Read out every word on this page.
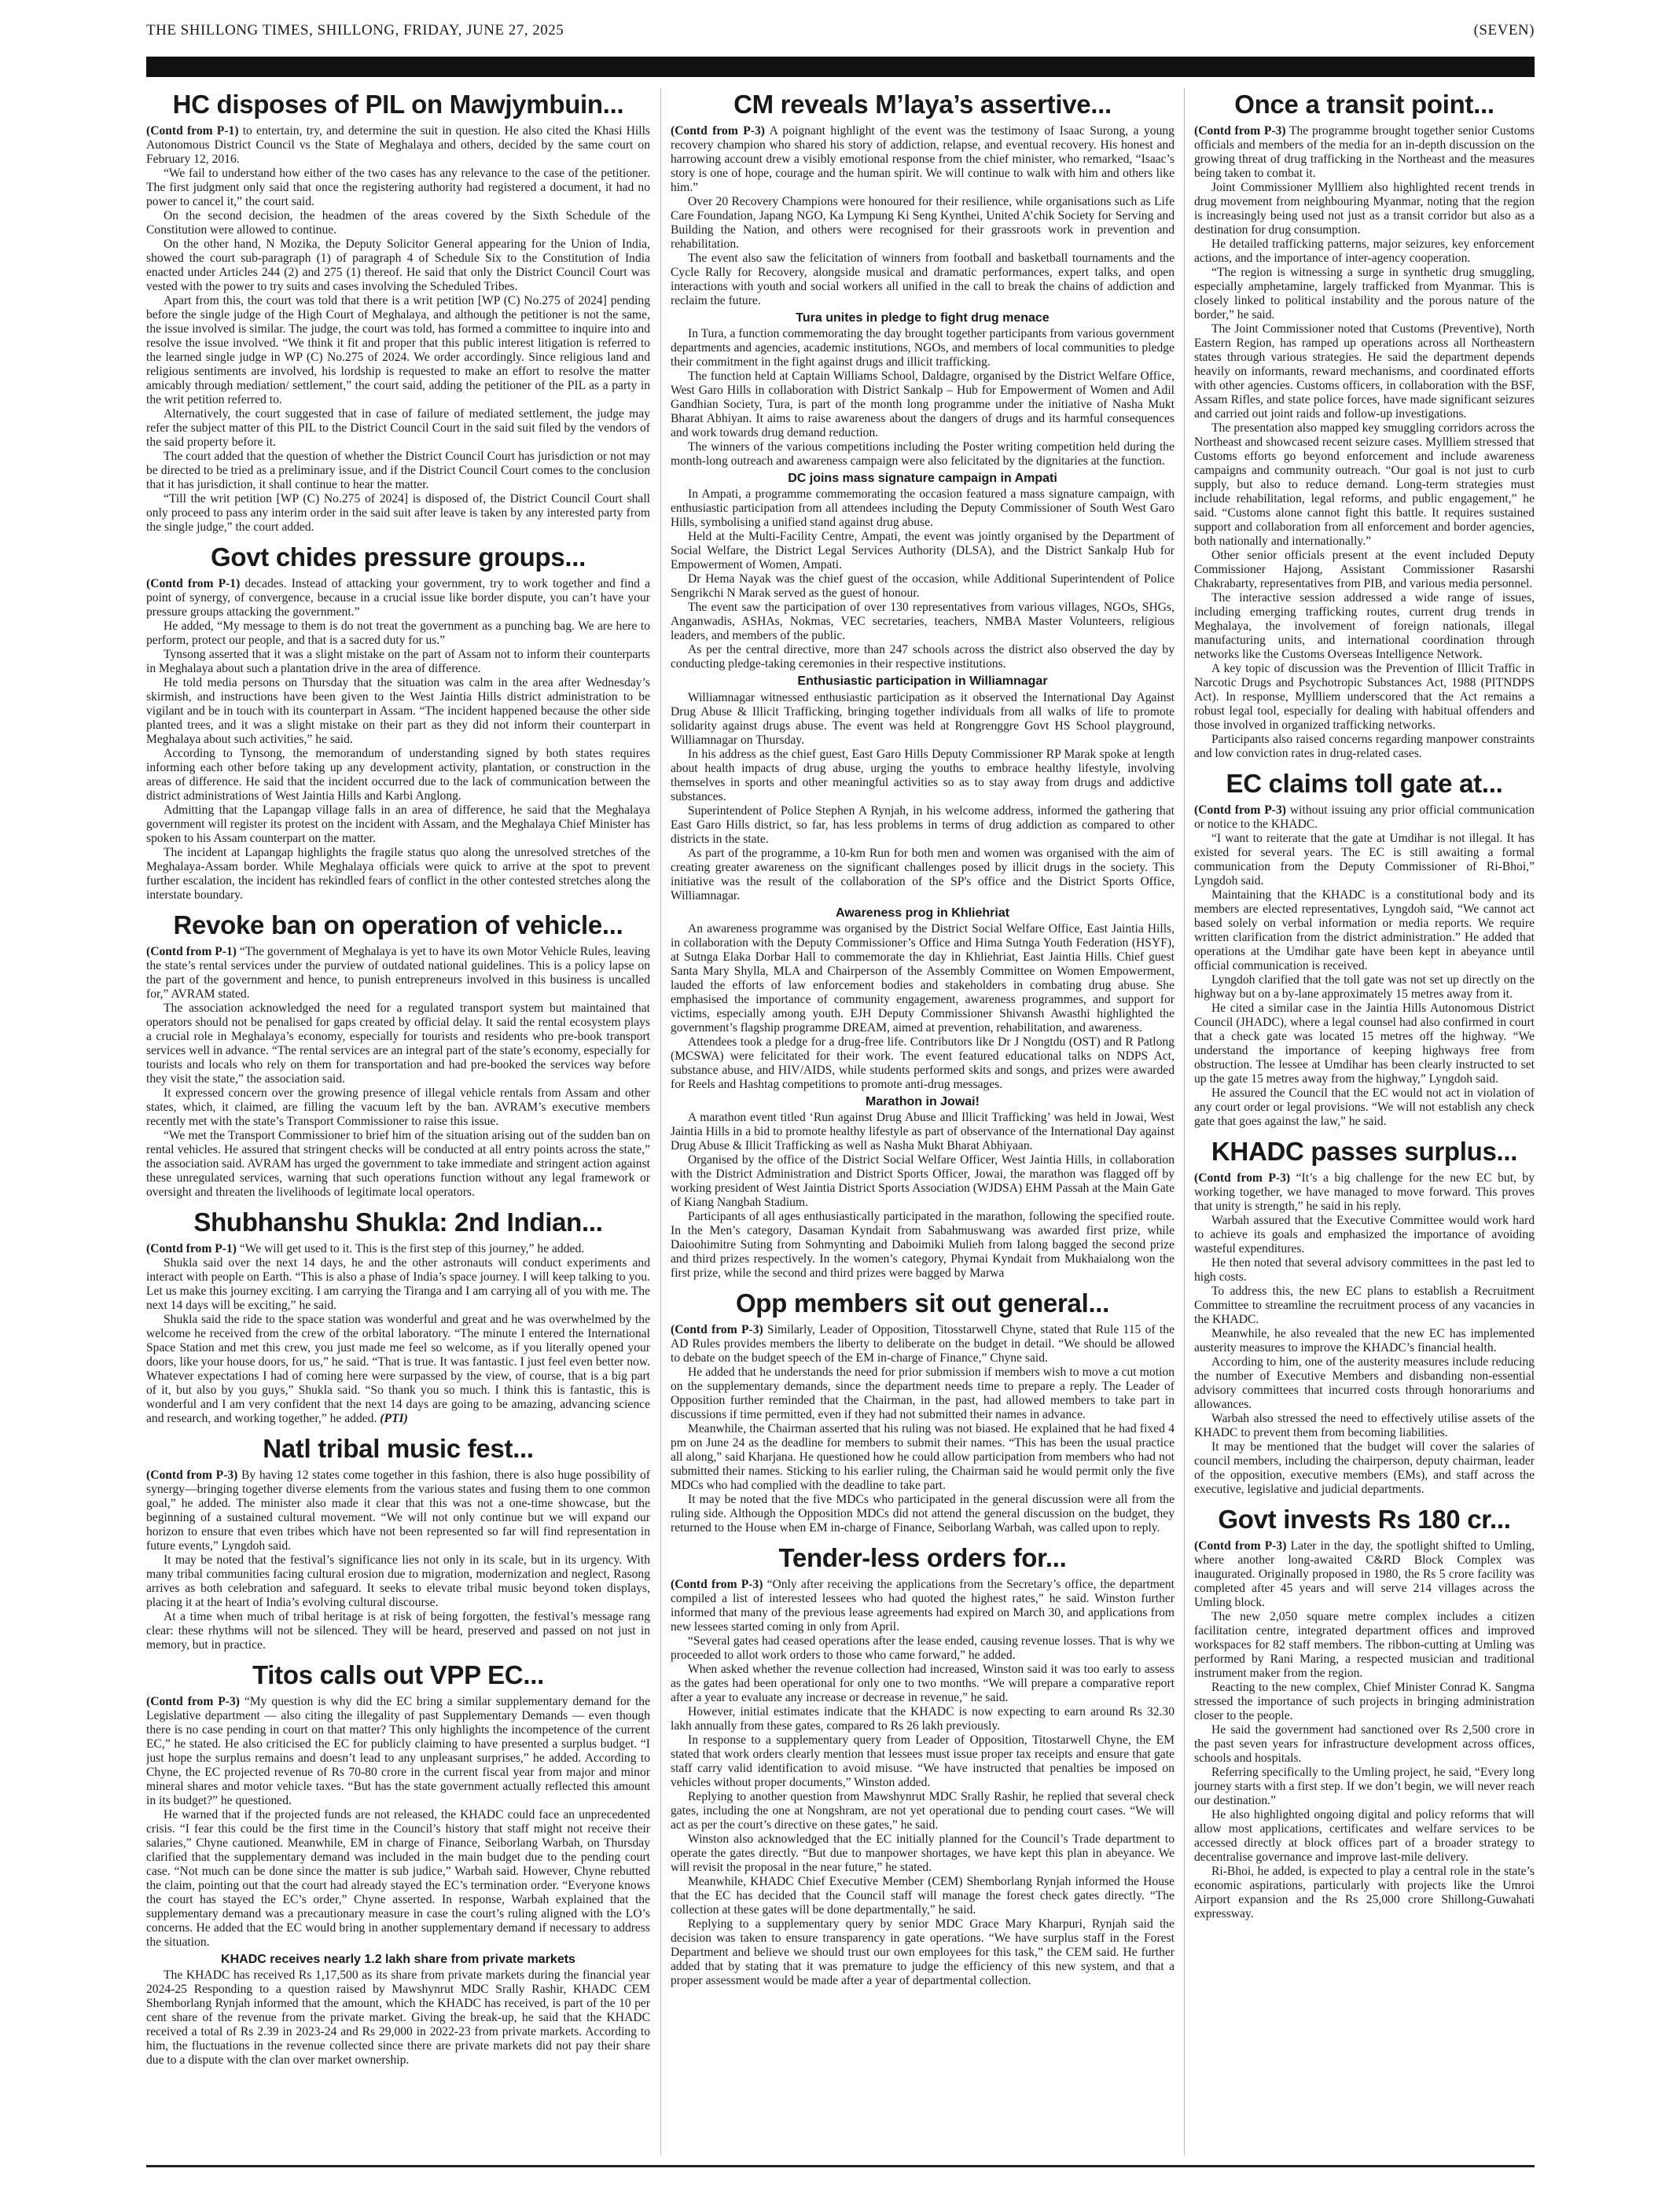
THE SHILLONG TIMES, SHILLONG, FRIDAY, JUNE 27, 2025	(SEVEN)
HC disposes of PIL on Mawjymbuin...

(Contd from P-1) to entertain, try, and determine the suit in question. He also cited the Khasi Hills Autonomous District Council vs the State of Meghalaya and others, decided by the same court on February 12, 2016.

“We fail to understand how either of the two cases has any relevance to the case of the petitioner. The first judgment only said that once the registering authority had registered a document, it had no power to cancel it,” the court said.

On the second decision, the headmen of the areas covered by the Sixth Schedule of the Constitution were allowed to continue.

On the other hand, N Mozika, the Deputy Solicitor General appearing for the Union of India, showed the court sub-paragraph (1) of paragraph 4 of Schedule Six to the Constitution of India enacted under Articles 244 (2) and 275 (1) thereof. He said that only the District Council Court was vested with the power to try suits and cases involving the Scheduled Tribes.

Apart from this, the court was told that there is a writ petition [WP (C) No.275 of 2024] pending before the single judge of the High Court of Meghalaya, and although the petitioner is not the same, the issue involved is similar. The judge, the court was told, has formed a committee to inquire into and resolve the issue involved. “We think it fit and proper that this public interest litigation is referred to the learned single judge in WP (C) No.275 of 2024. We order accordingly. Since religious land and religious sentiments are involved, his lordship is requested to make an effort to resolve the matter amicably through mediation/ settlement,” the court said, adding the petitioner of the PIL as a party in the writ petition referred to.

Alternatively, the court suggested that in case of failure of mediated settlement, the judge may refer the subject matter of this PIL to the District Council Court in the said suit filed by the vendors of the said property before it.

The court added that the question of whether the District Council Court has jurisdiction or not may be directed to be tried as a preliminary issue, and if the District Council Court comes to the conclusion that it has jurisdiction, it shall continue to hear the matter.

“Till the writ petition [WP (C) No.275 of 2024] is disposed of, the District Council Court shall only proceed to pass any interim order in the said suit after leave is taken by any interested party from the single judge,” the court added.

Govt chides pressure groups...

(Contd from P-1) decades. Instead of attacking your government, try to work together and find a point of synergy, of convergence, because in a crucial issue like border dispute, you can’t have your pressure groups attacking the government.”

He added, “My message to them is do not treat the government as a punching bag. We are here to perform, protect our people, and that is a sacred duty for us.”

Tynsong asserted that it was a slight mistake on the part of Assam not to inform their counterparts in Meghalaya about such a plantation drive in the area of difference.

He told media persons on Thursday that the situation was calm in the area after Wednesday’s skirmish, and instructions have been given to the West Jaintia Hills district administration to be vigilant and be in touch with its counterpart in Assam. “The incident happened because the other side planted trees, and it was a slight mistake on their part as they did not inform their counterpart in Meghalaya about such activities,” he said.

According to Tynsong, the memorandum of understanding signed by both states requires informing each other before taking up any development activity, plantation, or construction in the areas of difference. He said that the incident occurred due to the lack of communication between the district administrations of West Jaintia Hills and Karbi Anglong.

Admitting that the Lapangap village falls in an area of difference, he said that the Meghalaya government will register its protest on the incident with Assam, and the Meghalaya Chief Minister has spoken to his Assam counterpart on the matter.

The incident at Lapangap highlights the fragile status quo along the unresolved stretches of the Meghalaya-Assam border. While Meghalaya officials were quick to arrive at the spot to prevent further escalation, the incident has rekindled fears of conflict in the other contested stretches along the interstate boundary.

Revoke ban on operation of vehicle...

(Contd from P-1) “The government of Meghalaya is yet to have its own Motor Vehicle Rules, leaving the state’s rental services under the purview of outdated national guidelines. This is a policy lapse on the part of the government and hence, to punish entrepreneurs involved in this business is uncalled for,” AVRAM stated.

The association acknowledged the need for a regulated transport system but maintained that operators should not be penalised for gaps created by official delay. It said the rental ecosystem plays a crucial role in Meghalaya’s economy, especially for tourists and residents who pre-book transport services well in advance. “The rental services are an integral part of the state’s economy, especially for tourists and locals who rely on them for transportation and had pre-booked the services way before they visit the state,” the association said.

It expressed concern over the growing presence of illegal vehicle rentals from Assam and other states, which, it claimed, are filling the vacuum left by the ban. AVRAM’s executive members recently met with the state’s Transport Commissioner to raise this issue.

“We met the Transport Commissioner to brief him of the situation arising out of the sudden ban on rental vehicles. He assured that stringent checks will be conducted at all entry points across the state,” the association said. AVRAM has urged the government to take immediate and stringent action against these unregulated services, warning that such operations function without any legal framework or oversight and threaten the livelihoods of legitimate local operators.

Shubhanshu Shukla: 2nd Indian...

(Contd from P-1) “We will get used to it. This is the first step of this journey,” he added.

Shukla said over the next 14 days, he and the other astronauts will conduct experiments and interact with people on Earth. “This is also a phase of India’s space journey. I will keep talking to you. Let us make this journey exciting. I am carrying the Tiranga and I am carrying all of you with me. The next 14 days will be exciting,” he said.

Shukla said the ride to the space station was wonderful and great and he was overwhelmed by the welcome he received from the crew of the orbital laboratory. “The minute I entered the International Space Station and met this crew, you just made me feel so welcome, as if you literally opened your doors, like your house doors, for us,” he said. “That is true. It was fantastic. I just feel even better now. Whatever expectations I had of coming here were surpassed by the view, of course, that is a big part of it, but also by you guys,” Shukla said. “So thank you so much. I think this is fantastic, this is wonderful and I am very confident that the next 14 days are going to be amazing, advancing science and research, and working together,” he added. (PTI)

Natl tribal music fest...

(Contd from P-3) By having 12 states come together in this fashion, there is also huge possibility of synergy—bringing together diverse elements from the various states and fusing them to one common goal,” he added. The minister also made it clear that this was not a one-time showcase, but the beginning of a sustained cultural movement. “We will not only continue but we will expand our horizon to ensure that even tribes which have not been represented so far will find representation in future events,” Lyngdoh said.

It may be noted that the festival’s significance lies not only in its scale, but in its urgency. With many tribal communities facing cultural erosion due to migration, modernization and neglect, Rasong arrives as both celebration and safeguard. It seeks to elevate tribal music beyond token displays, placing it at the heart of India’s evolving cultural discourse.

At a time when much of tribal heritage is at risk of being forgotten, the festival’s message rang clear: these rhythms will not be silenced. They will be heard, preserved and passed on not just in memory, but in practice.

Titos calls out VPP EC...

(Contd from P-3) “My question is why did the EC bring a similar supplementary demand for the Legislative department — also citing the illegality of past Supplementary Demands — even though there is no case pending in court on that matter? This only highlights the incompetence of the current EC,” he stated. He also criticised the EC for publicly claiming to have presented a surplus budget. “I just hope the surplus remains and doesn’t lead to any unpleasant surprises,” he added. According to Chyne, the EC projected revenue of Rs 70-80 crore in the current fiscal year from major and minor mineral shares and motor vehicle taxes. “But has the state government actually reflected this amount in its budget?” he questioned.

He warned that if the projected funds are not released, the KHADC could face an unprecedented crisis. “I fear this could be the first time in the Council’s history that staff might not receive their salaries,” Chyne cautioned. Meanwhile, EM in charge of Finance, Seiborlang Warbah, on Thursday clarified that the supplementary demand was included in the main budget due to the pending court case. “Not much can be done since the matter is sub judice,” Warbah said. However, Chyne rebutted the claim, pointing out that the court had already stayed the EC’s termination order. “Everyone knows the court has stayed the EC’s order,” Chyne asserted. In response, Warbah explained that the supplementary demand was a precautionary measure in case the court’s ruling aligned with the LO’s concerns. He added that the EC would bring in another supplementary demand if necessary to address the situation.

KHADC receives nearly 1.2 lakh share from private markets

The KHADC has received Rs 1,17,500 as its share from private markets during the financial year 2024-25 Responding to a question raised by Mawshynrut MDC Srally Rashir, KHADC CEM Shemborlang Rynjah informed that the amount, which the KHADC has received, is part of the 10 per cent share of the revenue from the private market. Giving the break-up, he said that the KHADC received a total of Rs 2.39 in 2023-24 and Rs 29,000 in 2022-23 from private markets. According to him, the fluctuations in the revenue collected since there are private markets did not pay their share due to a dispute with the clan over market ownership.

CM reveals M’laya’s assertive...

(Contd from P-3) A poignant highlight of the event was the testimony of Isaac Surong, a young recovery champion who shared his story of addiction, relapse, and eventual recovery. His honest and harrowing account drew a visibly emotional response from the chief minister, who remarked, “Isaac’s story is one of hope, courage and the human spirit. We will continue to walk with him and others like him.”

Over 20 Recovery Champions were honoured for their resilience, while organisations such as Life Care Foundation, Japang NGO, Ka Lympung Ki Seng Kynthei, United A’chik Society for Serving and Building the Nation, and others were recognised for their grassroots work in prevention and rehabilitation.

The event also saw the felicitation of winners from football and basketball tournaments and the Cycle Rally for Recovery, alongside musical and dramatic performances, expert talks, and open interactions with youth and social workers all unified in the call to break the chains of addiction and reclaim the future.

Tura unites in pledge to fight drug menace

In Tura, a function commemorating the day brought together participants from various government departments and agencies, academic institutions, NGOs, and members of local communities to pledge their commitment in the fight against drugs and illicit trafficking.

The function held at Captain Williams School, Daldagre, organised by the District Welfare Office, West Garo Hills in collaboration with District Sankalp – Hub for Empowerment of Women and Adil Gandhian Society, Tura, is part of the month long programme under the initiative of Nasha Mukt Bharat Abhiyan. It aims to raise awareness about the dangers of drugs and its harmful consequences and work towards drug demand reduction.

The winners of the various competitions including the Poster writing competition held during the month-long outreach and awareness campaign were also felicitated by the dignitaries at the function.

DC joins mass signature campaign in Ampati

In Ampati, a programme commemorating the occasion featured a mass signature campaign, with enthusiastic participation from all attendees including the Deputy Commissioner of South West Garo Hills, symbolising a unified stand against drug abuse.

Held at the Multi-Facility Centre, Ampati, the event was jointly organised by the Department of Social Welfare, the District Legal Services Authority (DLSA), and the District Sankalp Hub for Empowerment of Women, Ampati.

Dr Hema Nayak was the chief guest of the occasion, while Additional Superintendent of Police Sengrikchi N Marak served as the guest of honour.

The event saw the participation of over 130 representatives from various villages, NGOs, SHGs, Anganwadis, ASHAs, Nokmas, VEC secretaries, teachers, NMBA Master Volunteers, religious leaders, and members of the public.

As per the central directive, more than 247 schools across the district also observed the day by conducting pledge-taking ceremonies in their respective institutions.

Enthusiastic participation in Williamnagar

Williamnagar witnessed enthusiastic participation as it observed the International Day Against Drug Abuse & Illicit Trafficking, bringing together individuals from all walks of life to promote solidarity against drugs abuse. The event was held at Rongrenggre Govt HS School playground, Williamnagar on Thursday.

In his address as the chief guest, East Garo Hills Deputy Commissioner RP Marak spoke at length about health impacts of drug abuse, urging the youths to embrace healthy lifestyle, involving themselves in sports and other meaningful activities so as to stay away from drugs and addictive substances.

Superintendent of Police Stephen A Rynjah, in his welcome address, informed the gathering that East Garo Hills district, so far, has less problems in terms of drug addiction as compared to other districts in the state.

As part of the programme, a 10-km Run for both men and women was organised with the aim of creating greater awareness on the significant challenges posed by illicit drugs in the society. This initiative was the result of the collaboration of the SP's office and the District Sports Office, Williamnagar.

Awareness prog in Khliehriat

An awareness programme was organised by the District Social Welfare Office, East Jaintia Hills, in collaboration with the Deputy Commissioner’s Office and Hima Sutnga Youth Federation (HSYF), at Sutnga Elaka Dorbar Hall to commemorate the day in Khliehriat, East Jaintia Hills. Chief guest Santa Mary Shylla, MLA and Chairperson of the Assembly Committee on Women Empowerment, lauded the efforts of law enforcement bodies and stakeholders in combating drug abuse. She emphasised the importance of community engagement, awareness programmes, and support for victims, especially among youth. EJH Deputy Commissioner Shivansh Awasthi highlighted the government’s flagship programme DREAM, aimed at prevention, rehabilitation, and awareness.

Attendees took a pledge for a drug-free life. Contributors like Dr J Nongtdu (OST) and R Patlong (MCSWA) were felicitated for their work. The event featured educational talks on NDPS Act, substance abuse, and HIV/AIDS, while students performed skits and songs, and prizes were awarded for Reels and Hashtag competitions to promote anti-drug messages.

Marathon in Jowai!

A marathon event titled ‘Run against Drug Abuse and Illicit Trafficking’ was held in Jowai, West Jaintia Hills in a bid to promote healthy lifestyle as part of observance of the International Day against Drug Abuse & Illicit Trafficking as well as Nasha Mukt Bharat Abhiyaan.

Organised by the office of the District Social Welfare Officer, West Jaintia Hills, in collaboration with the District Administration and District Sports Officer, Jowai, the marathon was flagged off by working president of West Jaintia District Sports Association (WJDSA) EHM Passah at the Main Gate of Kiang Nangbah Stadium.

Participants of all ages enthusiastically participated in the marathon, following the specified route. In the Men’s category, Dasaman Kyndait from Sabahmuswang was awarded first prize, while Daioohimitre Suting from Sohmynting and Daboimiki Mulieh from Ialong bagged the second prize and third prizes respectively. In the women’s category, Phymai Kyndait from Mukhaialong won the first prize, while the second and third prizes were bagged by Marwa

Opp members sit out general...

(Contd from P-3) Similarly, Leader of Opposition, Titosstarwell Chyne, stated that Rule 115 of the AD Rules provides members the liberty to deliberate on the budget in detail. “We should be allowed to debate on the budget speech of the EM in-charge of Finance,” Chyne said.

He added that he understands the need for prior submission if members wish to move a cut motion on the supplementary demands, since the department needs time to prepare a reply. The Leader of Opposition further reminded that the Chairman, in the past, had allowed members to take part in discussions if time permitted, even if they had not submitted their names in advance.

Meanwhile, the Chairman asserted that his ruling was not biased. He explained that he had fixed 4 pm on June 24 as the deadline for members to submit their names. “This has been the usual practice all along,” said Kharjana. He questioned how he could allow participation from members who had not submitted their names. Sticking to his earlier ruling, the Chairman said he would permit only the five MDCs who had complied with the deadline to take part.

It may be noted that the five MDCs who participated in the general discussion were all from the ruling side. Although the Opposition MDCs did not attend the general discussion on the budget, they returned to the House when EM in-charge of Finance, Seiborlang Warbah, was called upon to reply.

Tender-less orders for...

(Contd from P-3) “Only after receiving the applications from the Secretary’s office, the department compiled a list of interested lessees who had quoted the highest rates,” he said. Winston further informed that many of the previous lease agreements had expired on March 30, and applications from new lessees started coming in only from April.

“Several gates had ceased operations after the lease ended, causing revenue losses. That is why we proceeded to allot work orders to those who came forward,” he added.

When asked whether the revenue collection had increased, Winston said it was too early to assess as the gates had been operational for only one to two months. “We will prepare a comparative report after a year to evaluate any increase or decrease in revenue,” he said.

However, initial estimates indicate that the KHADC is now expecting to earn around Rs 32.30 lakh annually from these gates, compared to Rs 26 lakh previously.

In response to a supplementary query from Leader of Opposition, Titostarwell Chyne, the EM stated that work orders clearly mention that lessees must issue proper tax receipts and ensure that gate staff carry valid identification to avoid misuse. “We have instructed that penalties be imposed on vehicles without proper documents,” Winston added.

Replying to another question from Mawshynrut MDC Srally Rashir, he replied that several check gates, including the one at Nongshram, are not yet operational due to pending court cases. “We will act as per the court’s directive on these gates,” he said.

Winston also acknowledged that the EC initially planned for the Council’s Trade department to operate the gates directly. “But due to manpower shortages, we have kept this plan in abeyance. We will revisit the proposal in the near future,” he stated.

Meanwhile, KHADC Chief Executive Member (CEM) Shemborlang Rynjah informed the House that the EC has decided that the Council staff will manage the forest check gates directly. “The collection at these gates will be done departmentally,” he said.

Replying to a supplementary query by senior MDC Grace Mary Kharpuri, Rynjah said the decision was taken to ensure transparency in gate operations. “We have surplus staff in the Forest Department and believe we should trust our own employees for this task,” the CEM said. He further added that by stating that it was premature to judge the efficiency of this new system, and that a proper assessment would be made after a year of departmental collection.

Once a transit point...

(Contd from P-3) The programme brought together senior Customs officials and members of the media for an in-depth discussion on the growing threat of drug trafficking in the Northeast and the measures being taken to combat it.

Joint Commissioner Myllliem also highlighted recent trends in drug movement from neighbouring Myanmar, noting that the region is increasingly being used not just as a transit corridor but also as a destination for drug consumption.

He detailed trafficking patterns, major seizures, key enforcement actions, and the importance of inter-agency cooperation.

“The region is witnessing a surge in synthetic drug smuggling, especially amphetamine, largely trafficked from Myanmar. This is closely linked to political instability and the porous nature of the border,” he said.

The Joint Commissioner noted that Customs (Preventive), North Eastern Region, has ramped up operations across all Northeastern states through various strategies. He said the department depends heavily on informants, reward mechanisms, and coordinated efforts with other agencies. Customs officers, in collaboration with the BSF, Assam Rifles, and state police forces, have made significant seizures and carried out joint raids and follow-up investigations.

The presentation also mapped key smuggling corridors across the Northeast and showcased recent seizure cases. Myllliem stressed that Customs efforts go beyond enforcement and include awareness campaigns and community outreach. “Our goal is not just to curb supply, but also to reduce demand. Long-term strategies must include rehabilitation, legal reforms, and public engagement,” he said. “Customs alone cannot fight this battle. It requires sustained support and collaboration from all enforcement and border agencies, both nationally and internationally.”

Other senior officials present at the event included Deputy Commissioner Hajong, Assistant Commissioner Rasarshi Chakrabarty, representatives from PIB, and various media personnel.

The interactive session addressed a wide range of issues, including emerging trafficking routes, current drug trends in Meghalaya, the involvement of foreign nationals, illegal manufacturing units, and international coordination through networks like the Customs Overseas Intelligence Network.

A key topic of discussion was the Prevention of Illicit Traffic in Narcotic Drugs and Psychotropic Substances Act, 1988 (PITNDPS Act). In response, Myllliem underscored that the Act remains a robust legal tool, especially for dealing with habitual offenders and those involved in organized trafficking networks.

Participants also raised concerns regarding manpower constraints and low conviction rates in drug-related cases.

EC claims toll gate at...

(Contd from P-3) without issuing any prior official communication or notice to the KHADC.

“I want to reiterate that the gate at Umdihar is not illegal. It has existed for several years. The EC is still awaiting a formal communication from the Deputy Commissioner of Ri-Bhoi,” Lyngdoh said.

Maintaining that the KHADC is a constitutional body and its members are elected representatives, Lyngdoh said, “We cannot act based solely on verbal information or media reports. We require written clarification from the district administration.” He added that operations at the Umdihar gate have been kept in abeyance until official communication is received.

Lyngdoh clarified that the toll gate was not set up directly on the highway but on a by-lane approximately 15 metres away from it.

He cited a similar case in the Jaintia Hills Autonomous District Council (JHADC), where a legal counsel had also confirmed in court that a check gate was located 15 metres off the highway. “We understand the importance of keeping highways free from obstruction. The lessee at Umdihar has been clearly instructed to set up the gate 15 metres away from the highway,” Lyngdoh said.

He assured the Council that the EC would not act in violation of any court order or legal provisions. “We will not establish any check gate that goes against the law,” he said.

KHADC passes surplus...

(Contd from P-3) “It’s a big challenge for the new EC but, by working together, we have managed to move forward. This proves that unity is strength,” he said in his reply.

Warbah assured that the Executive Committee would work hard to achieve its goals and emphasized the importance of avoiding wasteful expenditures.

He then noted that several advisory committees in the past led to high costs.

To address this, the new EC plans to establish a Recruitment Committee to streamline the recruitment process of any vacancies in the KHADC.

Meanwhile, he also revealed that the new EC has implemented austerity measures to improve the KHADC’s financial health.

According to him, one of the austerity measures include reducing the number of Executive Members and disbanding non-essential advisory committees that incurred costs through honorariums and allowances.

Warbah also stressed the need to effectively utilise assets of the KHADC to prevent them from becoming liabilities.

It may be mentioned that the budget will cover the salaries of council members, including the chairperson, deputy chairman, leader of the opposition, executive members (EMs), and staff across the executive, legislative and judicial departments.

Govt invests Rs 180 cr...

(Contd from P-3) Later in the day, the spotlight shifted to Umling, where another long-awaited C&RD Block Complex was inaugurated. Originally proposed in 1980, the Rs 5 crore facility was completed after 45 years and will serve 214 villages across the Umling block.

The new 2,050 square metre complex includes a citizen facilitation centre, integrated department offices and improved workspaces for 82 staff members. The ribbon-cutting at Umling was performed by Rani Maring, a respected musician and traditional instrument maker from the region.

Reacting to the new complex, Chief Minister Conrad K. Sangma stressed the importance of such projects in bringing administration closer to the people.

He said the government had sanctioned over Rs 2,500 crore in the past seven years for infrastructure development across offices, schools and hospitals.

Referring specifically to the Umling project, he said, “Every long journey starts with a first step. If we don’t begin, we will never reach our destination.”

He also highlighted ongoing digital and policy reforms that will allow most applications, certificates and welfare services to be accessed directly at block offices part of a broader strategy to decentralise governance and improve last-mile delivery.

Ri-Bhoi, he added, is expected to play a central role in the state’s economic aspirations, particularly with projects like the Umroi Airport expansion and the Rs 25,000 crore Shillong-Guwahati expressway.
